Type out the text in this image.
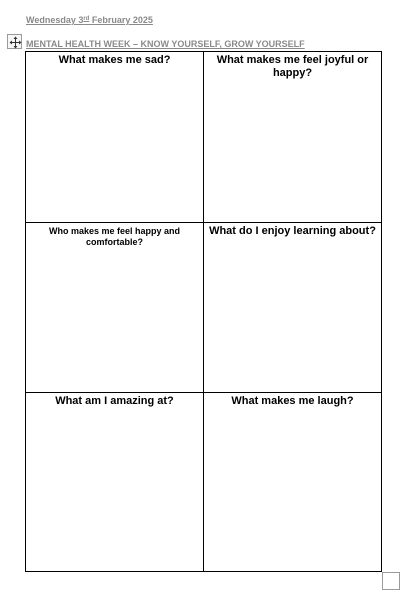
Wednesday 3rd February 2025
MENTAL HEALTH WEEK – KNOW YOURSELF, GROW YOURSELF
What makes me sad?	What makes me feel joyful or happy?
Who makes me feel happy and comfortable?
What do I enjoy learning about?
What am I amazing at?	What makes me laugh?
